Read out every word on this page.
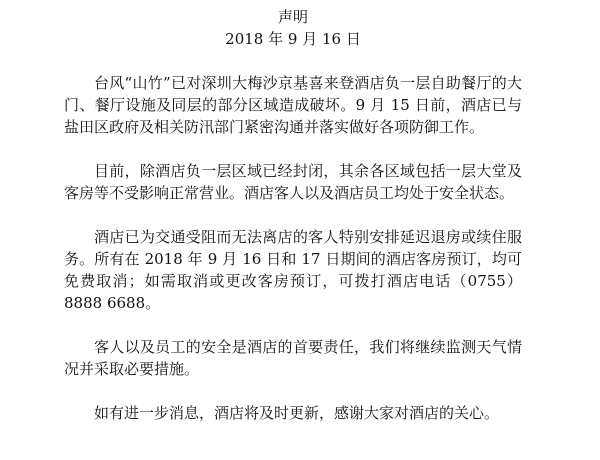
声明

2018 年 9 月 16 日

台风“山竹”已对深圳大梅沙京基喜来登酒店负一层自助餐厅的大门、餐厅设施及同层的部分区域造成破坏。9 月 15 日前，酒店已与盐田区政府及相关防汛部门紧密沟通并落实做好各项防御工作。

目前，除酒店负一层区域已经封闭，其余各区域包括一层大堂及客房等不受影响正常营业。酒店客人以及酒店员工均处于安全状态。

酒店已为交通受阻而无法离店的客人特别安排延迟退房或续住服务。所有在 2018 年 9 月 16 日和 17 日期间的酒店客房预订，均可免费取消；如需取消或更改客房预订，可拨打酒店电话（0755）8888 6688。

客人以及员工的安全是酒店的首要责任，我们将继续监测天气情况并采取必要措施。

如有进一步消息，酒店将及时更新，感谢大家对酒店的关心。
